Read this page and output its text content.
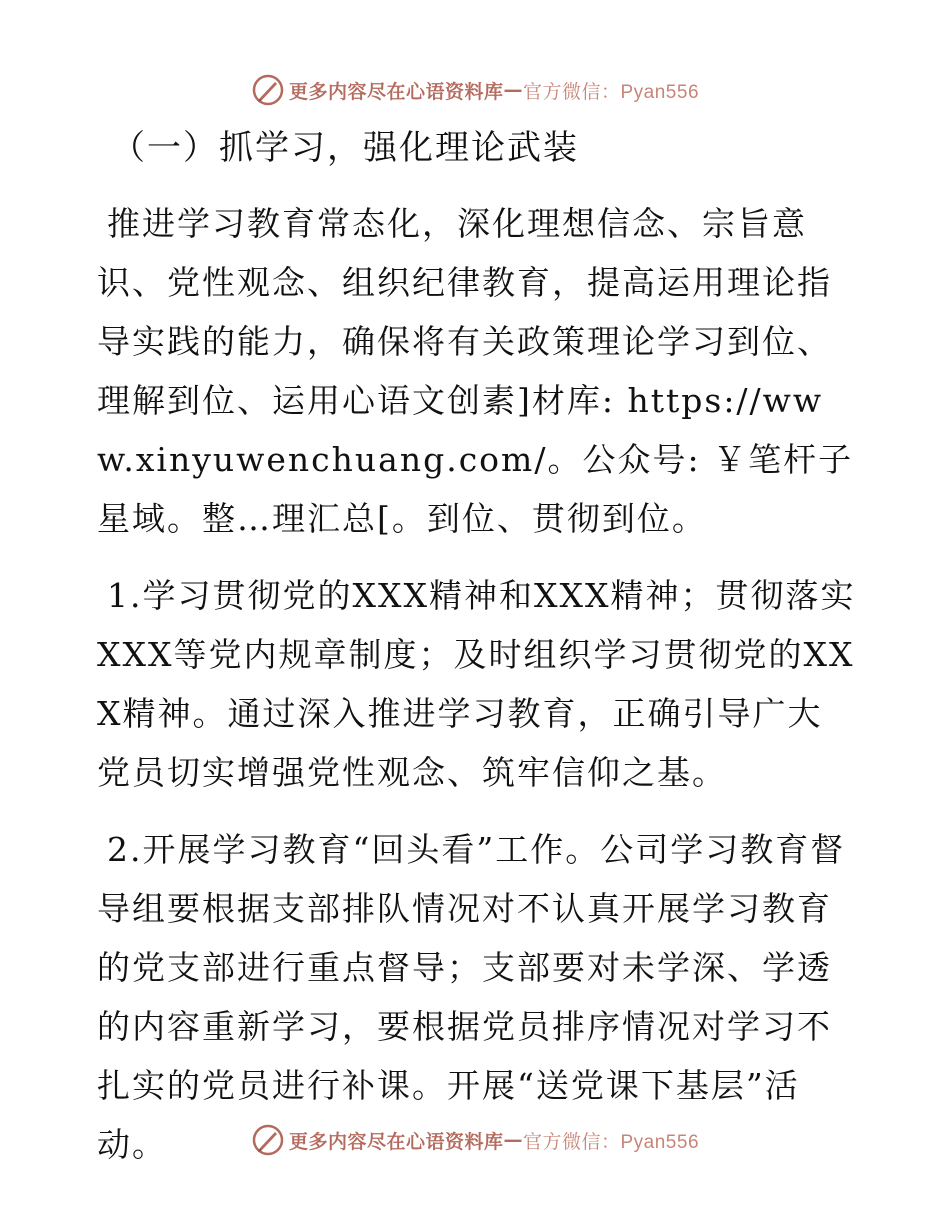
更多内容尽在心语资料库 — 官方微信：Pyan556
（一）抓学习，强化理论武装

推进学习教育常态化，深化理想信念、宗旨意识、党性观念、组织纪律教育，提高运用理论指导实践的能力，确保将有关政策理论学习到位、理解到位、运用心语文创素]材库: https://www.xinyuwenchuang.com/。公众号: ￥笔杆子星域。整…理汇总[。到位、贯彻到位。

1.学习贯彻党的XXX精神和XXX精神；贯彻落实XXX等党内规章制度；及时组织学习贯彻党的XXX精神。通过深入推进学习教育，正确引导广大党员切实增强党性观念、筑牢信仰之基。

2.开展学习教育“回头看”工作。公司学习教育督导组要根据支部排队情况对不认真开展学习教育的党支部进行重点督导；支部要对未学深、学透的内容重新学习，要根据党员排序情况对学习不扎实的党员进行补课。开展“送党课下基层”活动。	更多内容尽在心语资料库 — 官方微信：Pyan556
